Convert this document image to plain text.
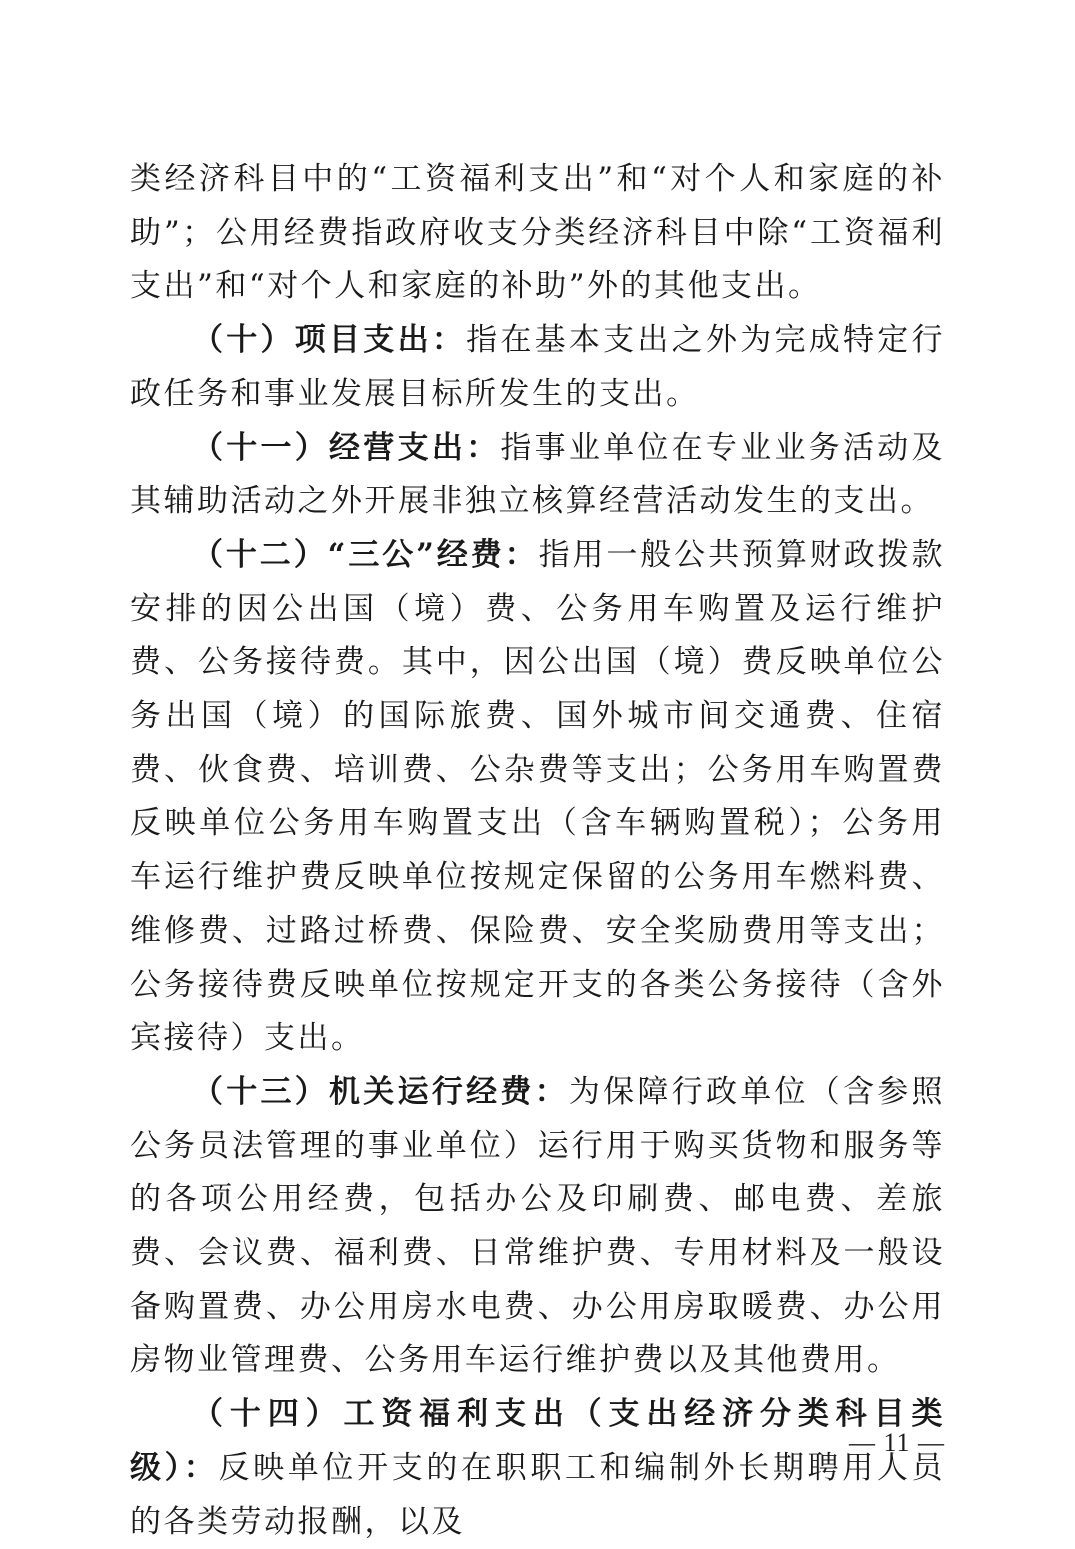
类经济科目中的“工资福利支出”和“对个人和家庭的补助”；公用经费指政府收支分类经济科目中除“工资福利支出”和“对个人和家庭的补助”外的其他支出。

（十）项目支出：指在基本支出之外为完成特定行政任务和事业发展目标所发生的支出。

（十一）经营支出：指事业单位在专业业务活动及其辅助活动之外开展非独立核算经营活动发生的支出。

（十二）“三公”经费：指用一般公共预算财政拨款安排的因公出国（境）费、公务用车购置及运行维护费、公务接待费。其中，因公出国（境）费反映单位公务出国（境）的国际旅费、国外城市间交通费、住宿费、伙食费、培训费、公杂费等支出；公务用车购置费反映单位公务用车购置支出（含车辆购置税）；公务用车运行维护费反映单位按规定保留的公务用车燃料费、维修费、过路过桥费、保险费、安全奖励费用等支出；公务接待费反映单位按规定开支的各类公务接待（含外宾接待）支出。

（十三）机关运行经费：为保障行政单位（含参照公务员法管理的事业单位）运行用于购买货物和服务等的各项公用经费，包括办公及印刷费、邮电费、差旅费、会议费、福利费、日常维护费、专用材料及一般设备购置费、办公用房水电费、办公用房取暖费、办公用房物业管理费、公务用车运行维护费以及其他费用。

（十四）工资福利支出（支出经济分类科目类级）：反映单位开支的在职职工和编制外长期聘用人员的各类劳动报酬，以及

— 11 —
